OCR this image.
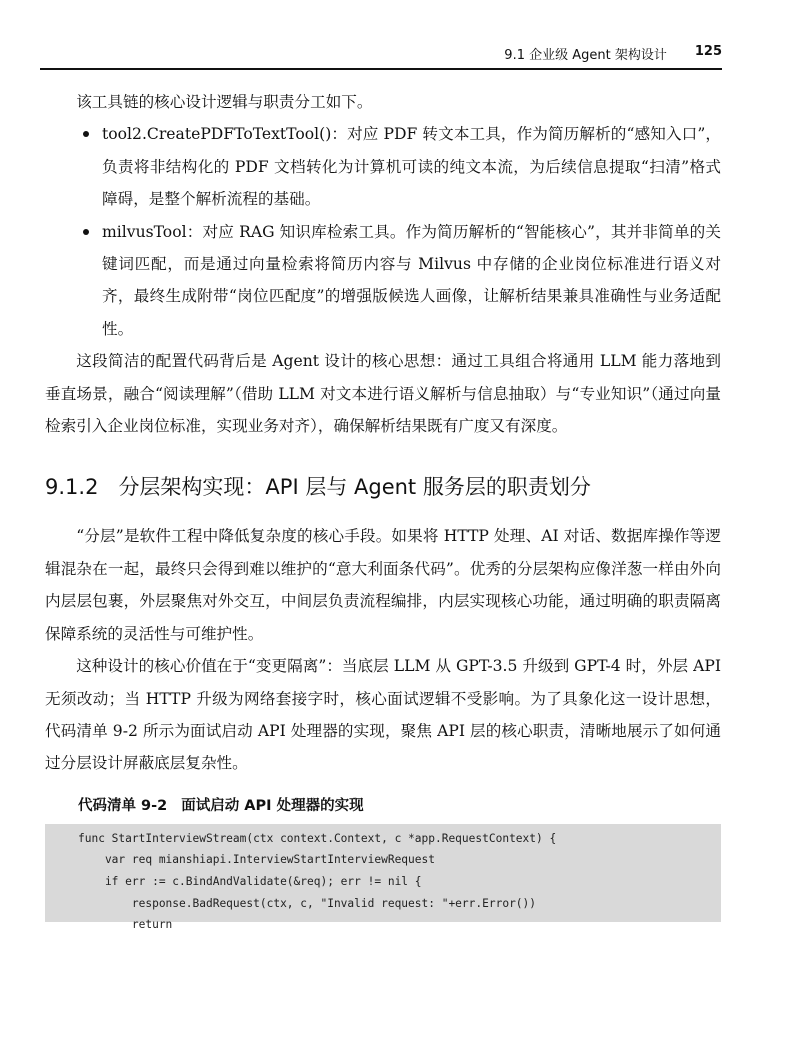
9.1 企业级 Agent 架构设计 125

该工具链的核心设计逻辑与职责分工如下。

tool2.CreatePDFToTextTool()：对应 PDF 转文本工具，作为简历解析的“感知入口”，负责将非结构化的 PDF 文档转化为计算机可读的纯文本流，为后续信息提取“扫清”格式障碍，是整个解析流程的基础。
milvusTool：对应 RAG 知识库检索工具。作为简历解析的“智能核心”，其并非简单的关键词匹配，而是通过向量检索将简历内容与 Milvus 中存储的企业岗位标准进行语义对齐，最终生成附带“岗位匹配度”的增强版候选人画像，让解析结果兼具准确性与业务适配性。

这段简洁的配置代码背后是 Agent 设计的核心思想：通过工具组合将通用 LLM 能力落地到垂直场景，融合“阅读理解”（借助 LLM 对文本进行语义解析与信息抽取）与“专业知识”（通过向量检索引入企业岗位标准，实现业务对齐），确保解析结果既有广度又有深度。

9.1.2 分层架构实现：API 层与 Agent 服务层的职责划分

“分层”是软件工程中降低复杂度的核心手段。如果将 HTTP 处理、AI 对话、数据库操作等逻辑混杂在一起，最终只会得到难以维护的“意大利面条代码”。优秀的分层架构应像洋葱一样由外向内层层包裹，外层聚焦对外交互，中间层负责流程编排，内层实现核心功能，通过明确的职责隔离保障系统的灵活性与可维护性。

这种设计的核心价值在于“变更隔离”：当底层 LLM 从 GPT-3.5 升级到 GPT-4 时，外层 API 无须改动；当 HTTP 升级为网络套接字时，核心面试逻辑不受影响。为了具象化这一设计思想，代码清单 9-2 所示为面试启动 API 处理器的实现，聚焦 API 层的核心职责，清晰地展示了如何通过分层设计屏蔽底层复杂性。

代码清单 9-2 面试启动 API 处理器的实现
func StartInterviewStream(ctx context.Context, c *app.RequestContext) {
var req mianshiapi.InterviewStartInterviewRequest
if err := c.BindAndValidate(&req); err != nil {
response.BadRequest(ctx, c, "Invalid request: "+err.Error())
return
